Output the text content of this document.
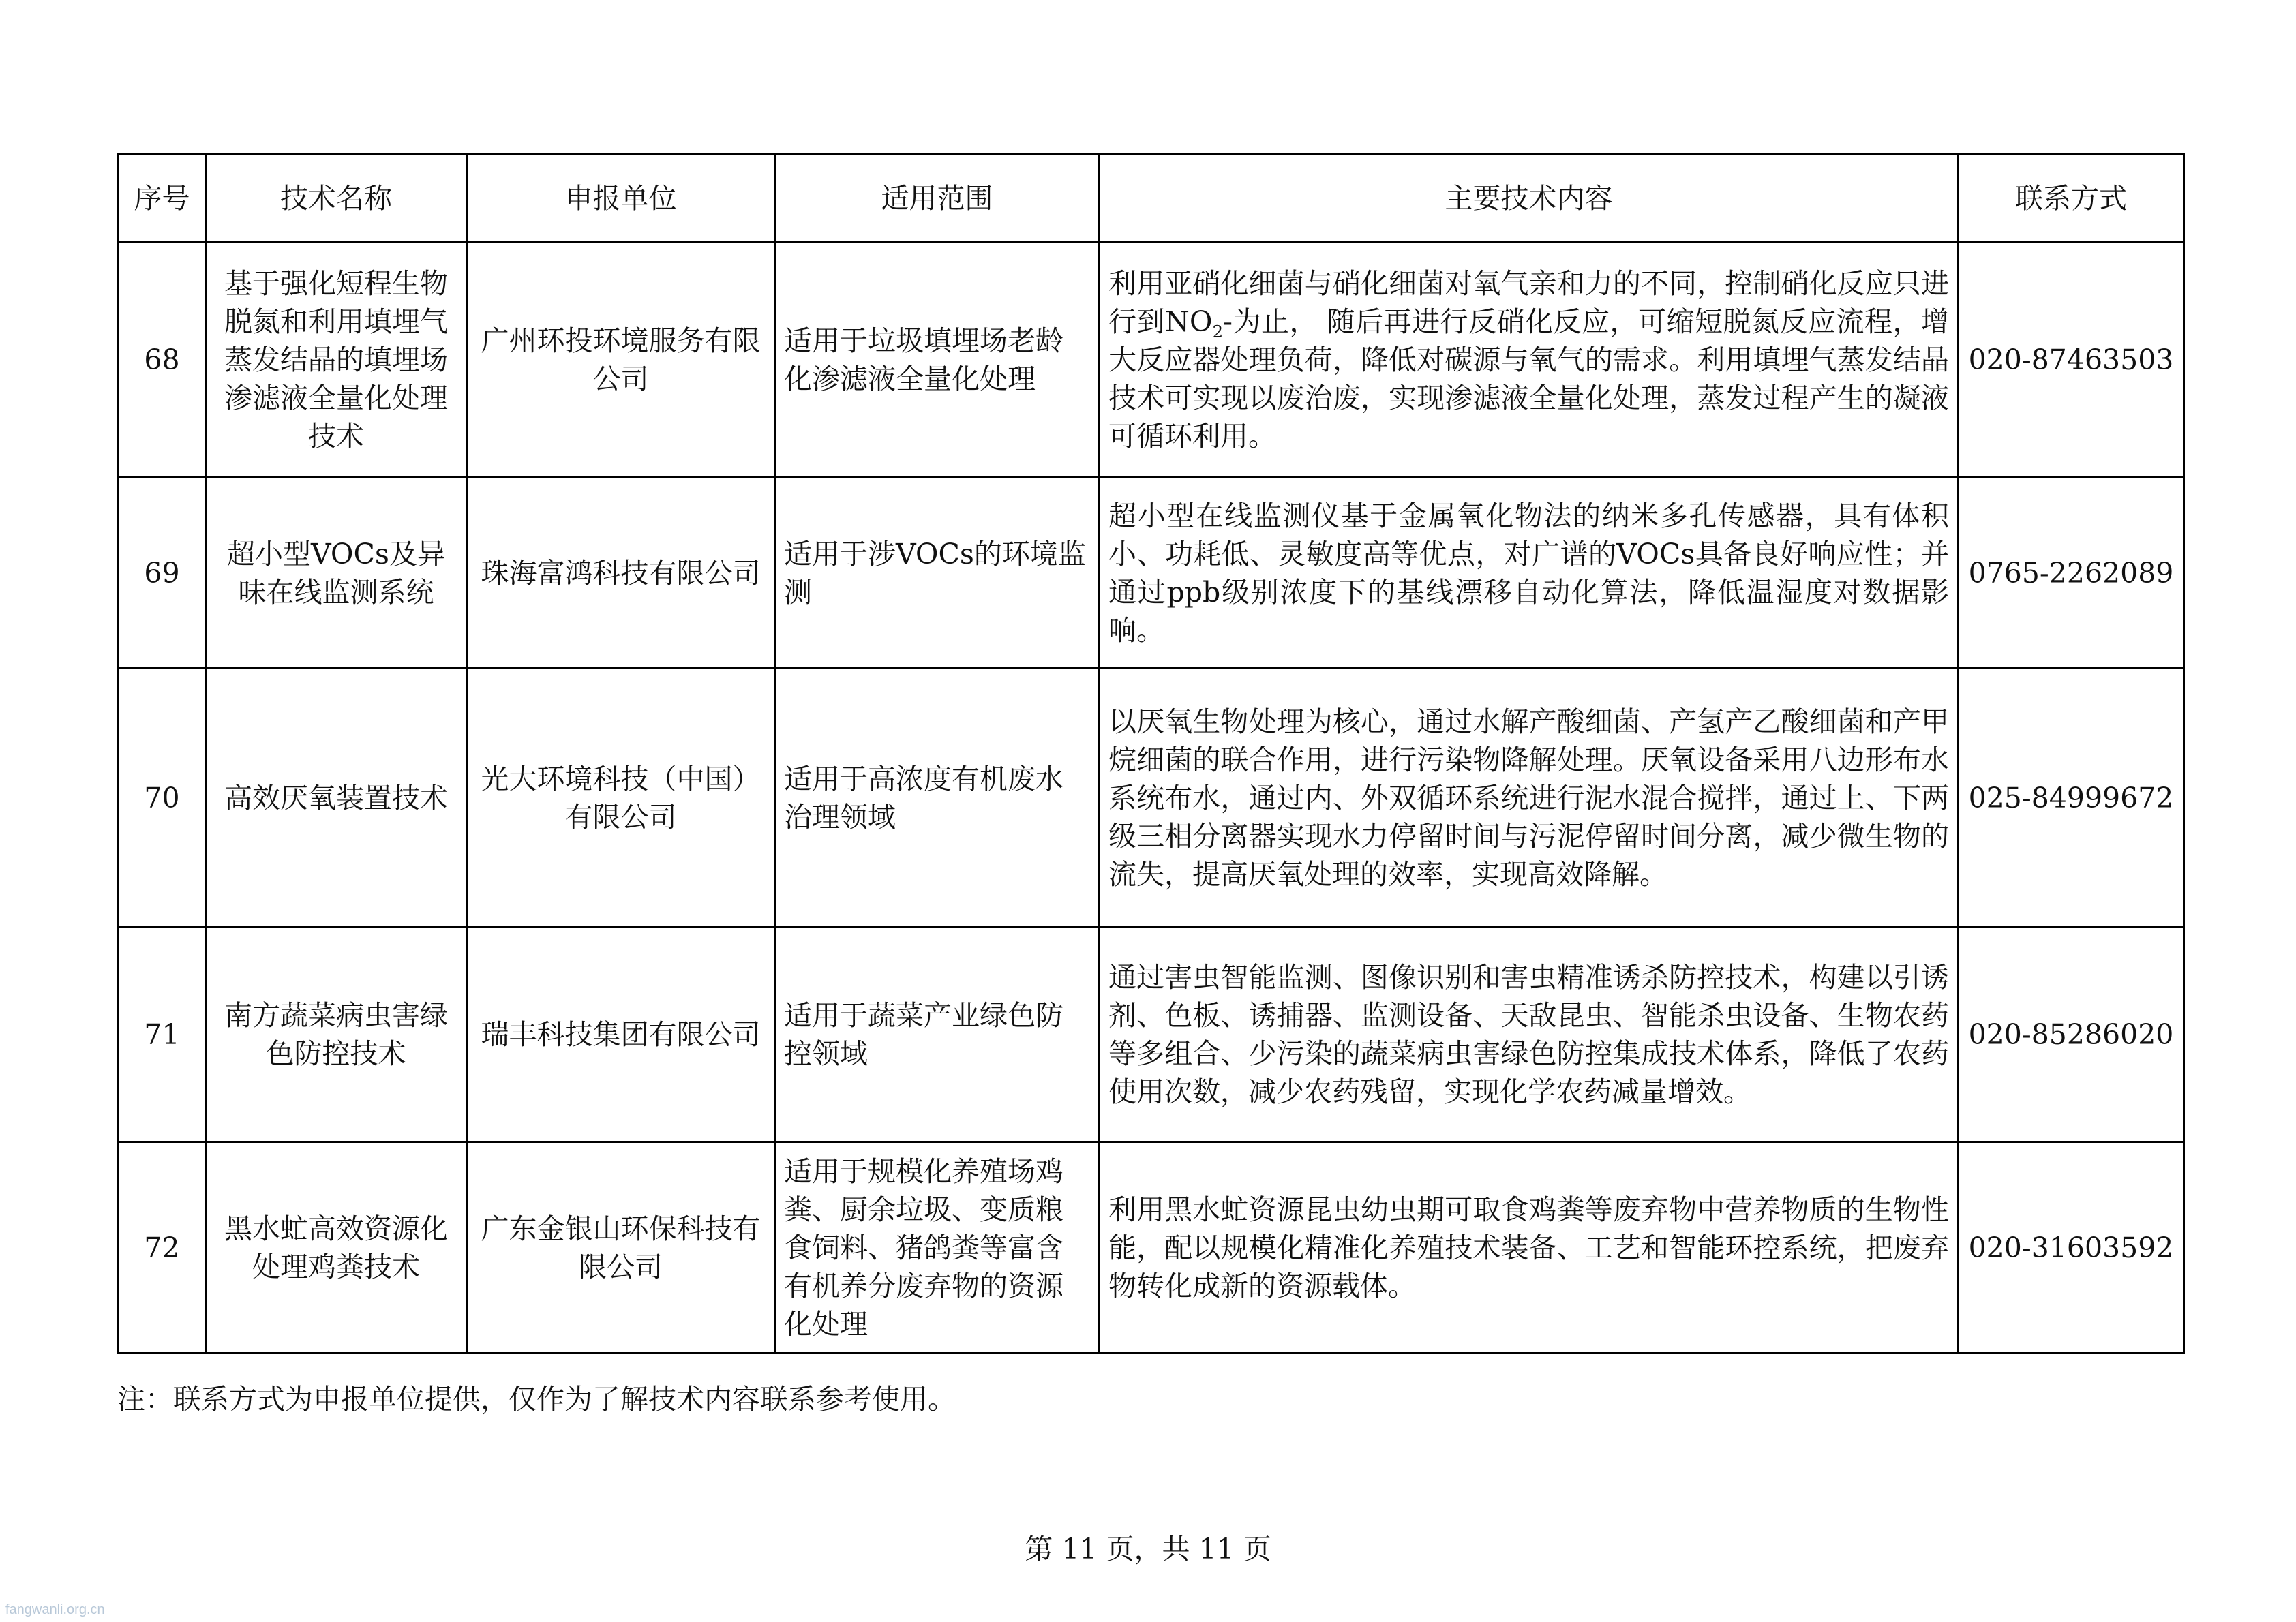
序号	技术名称	申报单位	适用范围	主要技术内容	联系方式
68	基于强化短程生物脱氮和利用填埋气蒸发结晶的填埋场渗滤液全量化处理技术	广州环投环境服务有限公司	适用于垃圾填埋场老龄化渗滤液全量化处理	利用亚硝化细菌与硝化细菌对氧气亲和力的不同，控制硝化反应只进行到$NO_2-$为止， 随后再进行反硝化反应，可缩短脱氮反应流程，增大反应器处理负荷，降低对碳源与氧气的需求。利用填埋气蒸发结晶技术可实现以废治废，实现渗滤液全量化处理，蒸发过程产生的凝液可循环利用。	020-87463503
69	超小型VOCs及异味在线监测系统	珠海富鸿科技有限公司	适用于涉VOCs的环境监测	超小型在线监测仪基于金属氧化物法的纳米多孔传感器，具有体积小、功耗低、灵敏度高等优点，对广谱的VOCs具备良好响应性；并通过ppb级别浓度下的基线漂移自动化算法，降低温湿度对数据影响。	0765-2262089
70	高效厌氧装置技术	光大环境科技（中国）有限公司	适用于高浓度有机废水治理领域	以厌氧生物处理为核心，通过水解产酸细菌、产氢产乙酸细菌和产甲烷细菌的联合作用，进行污染物降解处理。厌氧设备采用八边形布水系统布水，通过内、外双循环系统进行泥水混合搅拌，通过上、下两级三相分离器实现水力停留时间与污泥停留时间分离，减少微生物的流失，提高厌氧处理的效率，实现高效降解。	025-84999672
71	南方蔬菜病虫害绿色防控技术	瑞丰科技集团有限公司	适用于蔬菜产业绿色防控领域	通过害虫智能监测、图像识别和害虫精准诱杀防控技术，构建以引诱剂、色板、诱捕器、监测设备、天敌昆虫、智能杀虫设备、生物农药等多组合、少污染的蔬菜病虫害绿色防控集成技术体系，降低了农药使用次数，减少农药残留，实现化学农药减量增效。	020-85286020
72	黑水虻高效资源化处理鸡粪技术	广东金银山环保科技有限公司	适用于规模化养殖场鸡粪、厨余垃圾、变质粮食饲料、猪鸽粪等富含有机养分废弃物的资源化处理	利用黑水虻资源昆虫幼虫期可取食鸡粪等废弃物中营养物质的生物性能，配以规模化精准化养殖技术装备、工艺和智能环控系统，把废弃物转化成新的资源载体。	020-31603592
注：联系方式为申报单位提供，仅作为了解技术内容联系参考使用。
第 11 页，共 11 页
fangwanli.org.cn
